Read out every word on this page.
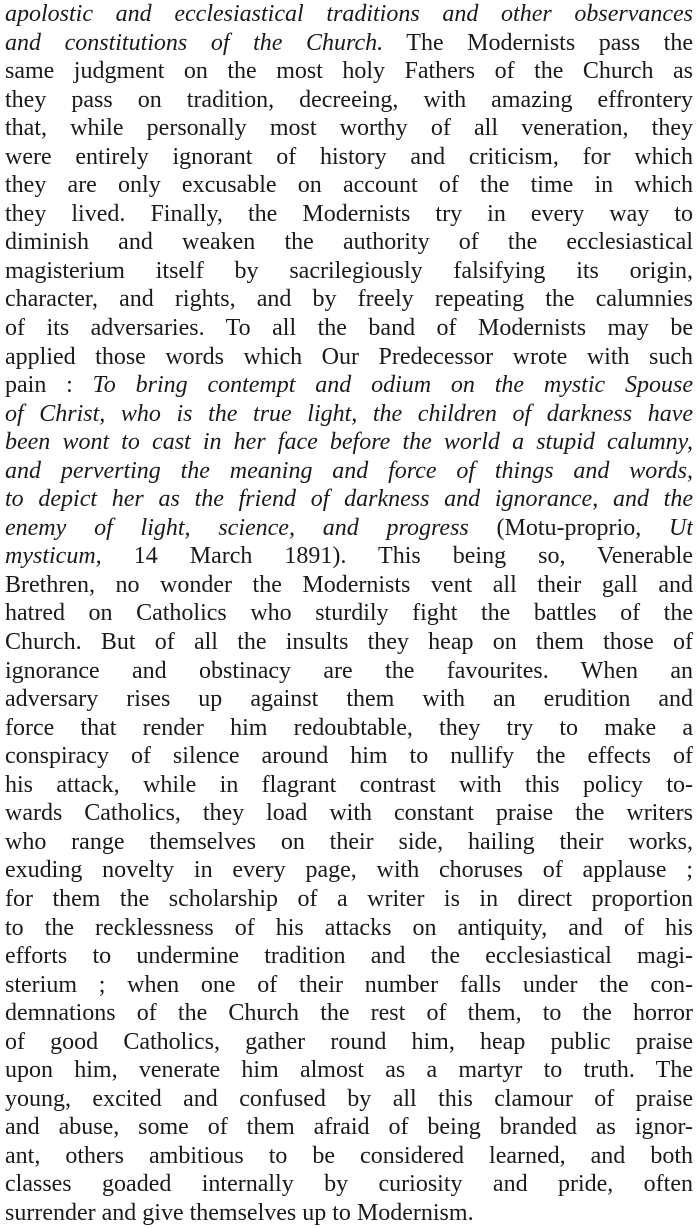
apolostic and ecclesiastical traditions and other observances
and constitutions of the Church. The Modernists pass the
same judgment on the most holy Fathers of the Church as
they pass on tradition, decreeing, with amazing effrontery
that, while personally most worthy of all veneration, they
were entirely ignorant of history and criticism, for which
they are only excusable on account of the time in which
they lived. Finally, the Modernists try in every way to
diminish and weaken the authority of the ecclesiastical
magisterium itself by sacrilegiously falsifying its origin,
character, and rights, and by freely repeating the calumnies
of its adversaries. To all the band of Modernists may be
applied those words which Our Predecessor wrote with such
pain : To bring contempt and odium on the mystic Spouse
of Christ, who is the true light, the children of darkness have
been wont to cast in her face before the world a stupid calumny,
and perverting the meaning and force of things and words,
to depict her as the friend of darkness and ignorance, and the
enemy of light, science, and progress (Motu-proprio, Ut
mysticum, 14 March 1891). This being so, Venerable
Brethren, no wonder the Modernists vent all their gall and
hatred on Catholics who sturdily fight the battles of the
Church. But of all the insults they heap on them those of
ignorance and obstinacy are the favourites. When an
adversary rises up against them with an erudition and
force that render him redoubtable, they try to make a
conspiracy of silence around him to nullify the effects of
his attack, while in flagrant contrast with this policy to-
wards Catholics, they load with constant praise the writers
who range themselves on their side, hailing their works,
exuding novelty in every page, with choruses of applause ;
for them the scholarship of a writer is in direct proportion
to the recklessness of his attacks on antiquity, and of his
efforts to undermine tradition and the ecclesiastical magi-
sterium ; when one of their number falls under the con-
demnations of the Church the rest of them, to the horror
of good Catholics, gather round him, heap public praise
upon him, venerate him almost as a martyr to truth. The
young, excited and confused by all this clamour of praise
and abuse, some of them afraid of being branded as ignor-
ant, others ambitious to be considered learned, and both
classes goaded internally by curiosity and pride, often
surrender and give themselves up to Modernism.
